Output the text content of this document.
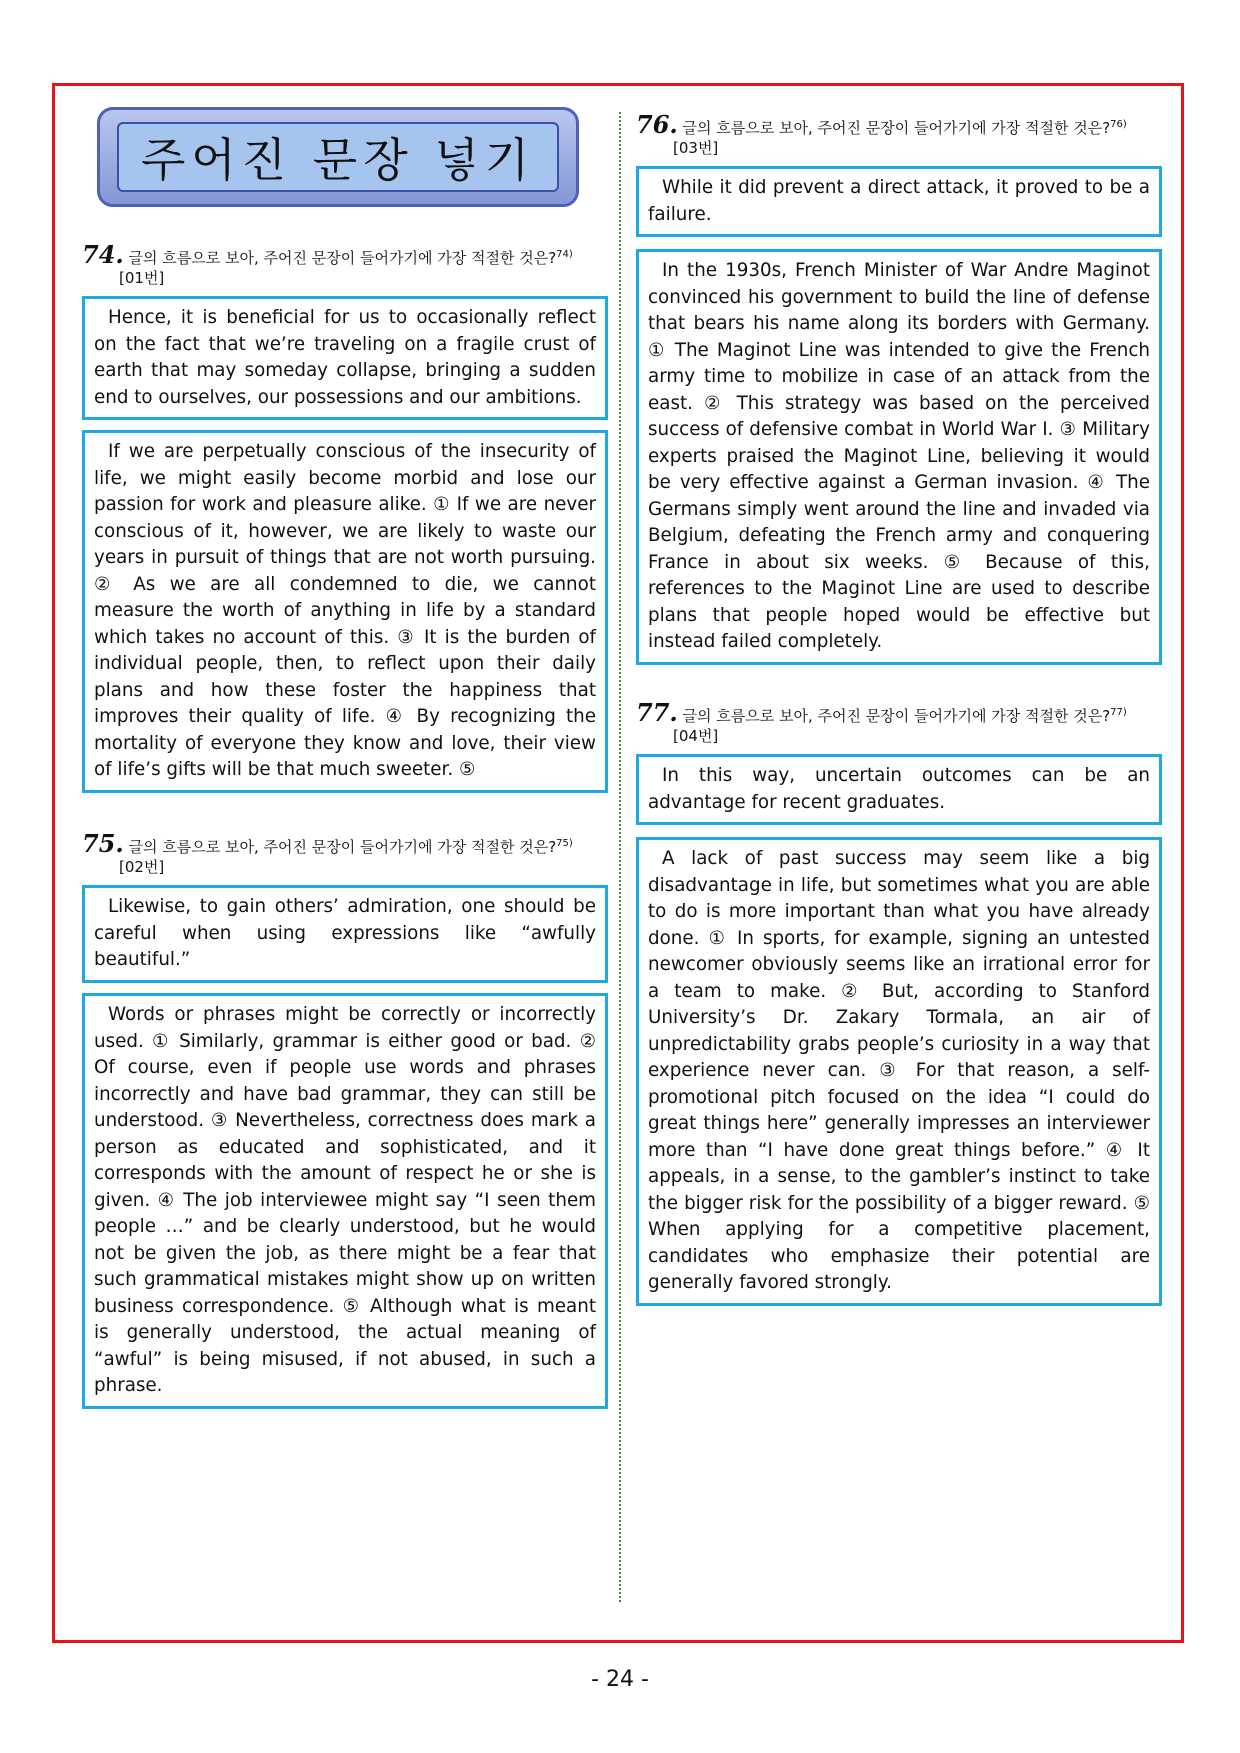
주어진 문장 넣기
74. 글의 흐름으로 보아, 주어진 문장이 들어가기에 가장 적절한 것은?$^{74)}$
[01번]
Hence, it is beneficial for us to occasionally reflect on the fact that we’re traveling on a fragile crust of earth that may someday collapse, bringing a sudden end to ourselves, our possessions and our ambitions.
If we are perpetually conscious of the insecurity of life, we might easily become morbid and lose our passion for work and pleasure alike. ① If we are never conscious of it, however, we are likely to waste our years in pursuit of things that are not worth pursuing. ② As we are all condemned to die, we cannot measure the worth of anything in life by a standard which takes no account of this. ③ It is the burden of individual people, then, to reflect upon their daily plans and how these foster the happiness that improves their quality of life. ④ By recognizing the mortality of everyone they know and love, their view of life’s gifts will be that much sweeter. ⑤
75. 글의 흐름으로 보아, 주어진 문장이 들어가기에 가장 적절한 것은?$^{75)}$
[02번]
Likewise, to gain others’ admiration, one should be careful when using expressions like “awfully beautiful.”
Words or phrases might be correctly or incorrectly used. ① Similarly, grammar is either good or bad. ② Of course, even if people use words and phrases incorrectly and have bad grammar, they can still be understood. ③ Nevertheless, correctness does mark a person as educated and sophisticated, and it corresponds with the amount of respect he or she is given. ④ The job interviewee might say “I seen them people …” and be clearly understood, but he would not be given the job, as there might be a fear that such grammatical mistakes might show up on written business correspondence. ⑤ Although what is meant is generally understood, the actual meaning of “awful” is being misused, if not abused, in such a phrase.
76. 글의 흐름으로 보아, 주어진 문장이 들어가기에 가장 적절한 것은?$^{76)}$
[03번]
While it did prevent a direct attack, it proved to be a failure.
In the 1930s, French Minister of War Andre Maginot convinced his government to build the line of defense that bears his name along its borders with Germany. ① The Maginot Line was intended to give the French army time to mobilize in case of an attack from the east. ② This strategy was based on the perceived success of defensive combat in World War I. ③ Military experts praised the Maginot Line, believing it would be very effective against a German invasion. ④ The Germans simply went around the line and invaded via Belgium, defeating the French army and conquering France in about six weeks. ⑤ Because of this, references to the Maginot Line are used to describe plans that people hoped would be effective but instead failed completely.
77. 글의 흐름으로 보아, 주어진 문장이 들어가기에 가장 적절한 것은?$^{77)}$
[04번]
In this way, uncertain outcomes can be an advantage for recent graduates.
A lack of past success may seem like a big disadvantage in life, but sometimes what you are able to do is more important than what you have already done. ① In sports, for example, signing an untested newcomer obviously seems like an irrational error for a team to make. ② But, according to Stanford University’s Dr. Zakary Tormala, an air of unpredictability grabs people’s curiosity in a way that experience never can. ③ For that reason, a self-promotional pitch focused on the idea “I could do great things here” generally impresses an interviewer more than “I have done great things before.” ④ It appeals, in a sense, to the gambler’s instinct to take the bigger risk for the possibility of a bigger reward. ⑤ When applying for a competitive placement, candidates who emphasize their potential are generally favored strongly.
- 24 -
